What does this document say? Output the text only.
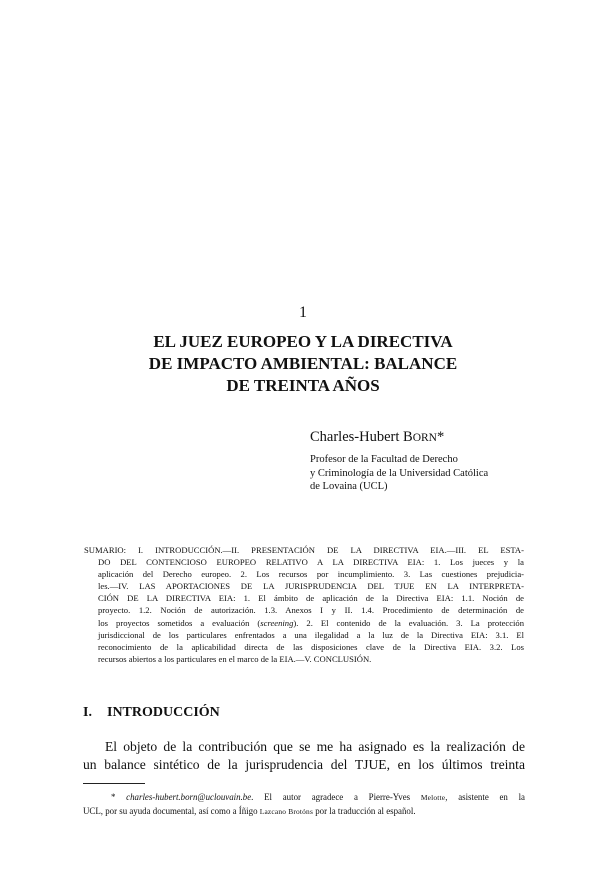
1
EL JUEZ EUROPEO Y LA DIRECTIVA
DE IMPACTO AMBIENTAL: BALANCE
DE TREINTA AÑOS
Charles-Hubert BORN*
Profesor de la Facultad de Derecho
y Criminología de la Universidad Católica
de Lovaina (UCL)
SUMARIO: I. INTRODUCCIÓN.—II. PRESENTACIÓN DE LA DIRECTIVA EIA.—III. EL ESTA-
DO DEL CONTENCIOSO EUROPEO RELATIVO A LA DIRECTIVA EIA: 1. Los jueces y la
aplicación del Derecho europeo. 2. Los recursos por incumplimiento. 3. Las cuestiones prejudicia-
les.—IV. LAS APORTACIONES DE LA JURISPRUDENCIA DEL TJUE EN LA INTERPRETA-
CIÓN DE LA DIRECTIVA EIA: 1. El ámbito de aplicación de la Directiva EIA: 1.1. Noción de
proyecto. 1.2. Noción de autorización. 1.3. Anexos I y II. 1.4. Procedimiento de determinación de
los proyectos sometidos a evaluación (screening). 2. El contenido de la evaluación. 3. La protección
jurisdiccional de los particulares enfrentados a una ilegalidad a la luz de la Directiva EIA: 3.1. El
reconocimiento de la aplicabilidad directa de las disposiciones clave de la Directiva EIA. 3.2. Los
recursos abiertos a los particulares en el marco de la EIA.—V. CONCLUSIÓN.
I. INTRODUCCIÓN
El objeto de la contribución que se me ha asignado es la realización de
un balance sintético de la jurisprudencia del TJUE, en los últimos treinta
* charles-hubert.born@uclouvain.be. El autor agradece a Pierre-Yves Melotte, asistente en la
UCL, por su ayuda documental, así como a Íñigo Lazcano Brotóns por la traducción al español.
